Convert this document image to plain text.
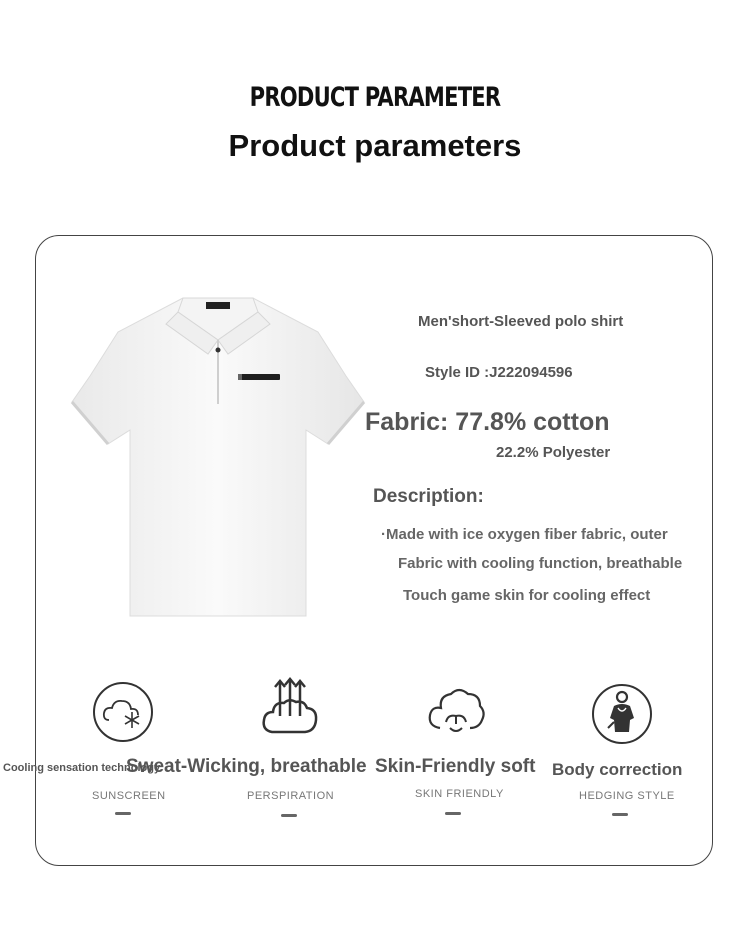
PRODUCT PARAMETER
Product parameters
Men'short-Sleeved polo shirt
Style ID :J222094596
Fabric: 77.8% cotton
22.2% Polyester
Description:
·Made with ice oxygen fiber fabric, outer
Fabric with cooling function, breathable
Touch game skin for cooling effect
Cooling sensation technology
SUNSCREEN
Sweat-Wicking, breathable
PERSPIRATION
Skin-Friendly soft
SKIN FRIENDLY
Body correction
HEDGING STYLE
